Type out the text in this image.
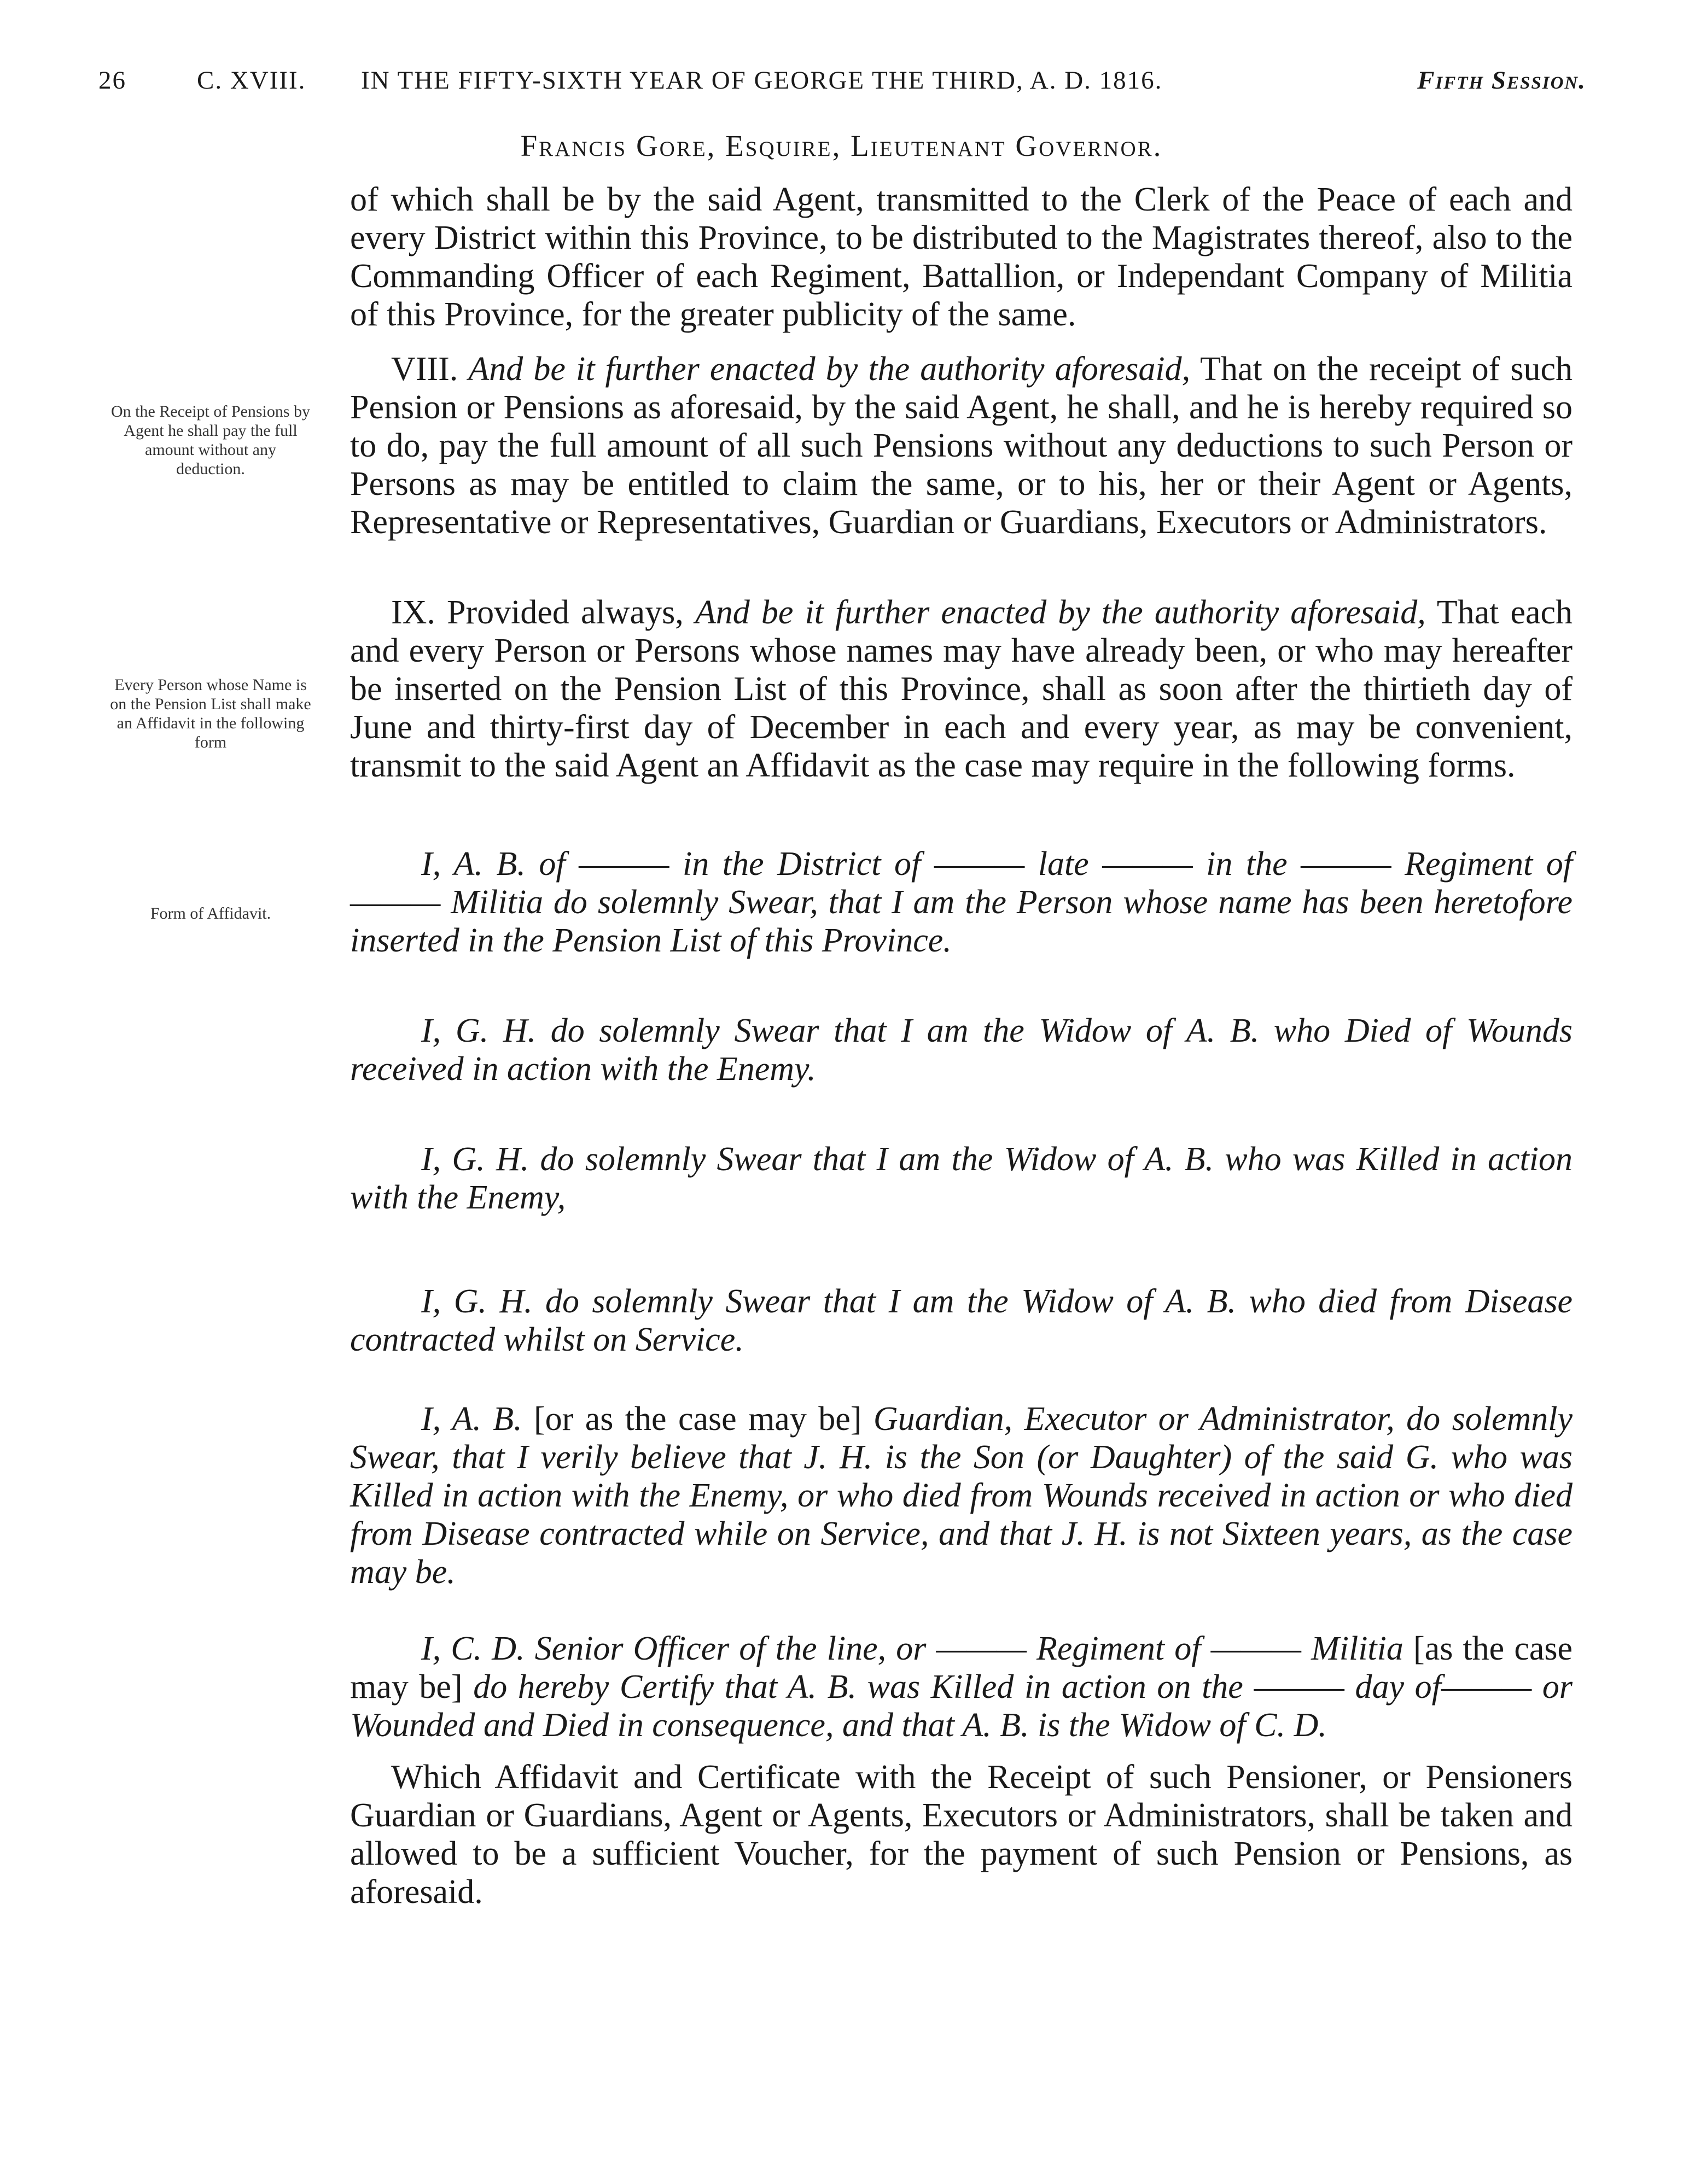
26	C. XVIII. IN THE FIFTY-SIXTH YEAR OF GEORGE THE THIRD, A. D. 1816.	Fifth Session.
Francis Gore, Esquire, Lieutenant Governor.

of which shall be by the said Agent, transmitted to the Clerk of the Peace of each and every District within this Province, to be distributed to the Magistrates thereof, also to the Commanding Officer of each Regiment, Battallion, or Independant Company of Militia of this Province, for the greater publicity of the same.

VIII. And be it further enacted by the authority aforesaid, That on the receipt of such Pension or Pensions as aforesaid, by the said Agent, he shall, and he is hereby required so to do, pay the full amount of all such Pensions without any deductions to such Person or Persons as may be entitled to claim the same, or to his, her or their Agent or Agents, Representative or Representatives, Guardian or Guardians, Executors or Administrators.

IX. Provided always, And be it further enacted by the authority aforesaid, That each and every Person or Persons whose names may have already been, or who may hereafter be inserted on the Pension List of this Province, shall as soon after the thirtieth day of June and thirty-first day of December in each and every year, as may be convenient, transmit to the said Agent an Affidavit as the case may require in the following forms.

I, A. B. of ——— in the District of ——— late ——— in the ——— Regiment of ——— Militia do solemnly Swear, that I am the Person whose name has been heretofore inserted in the Pension List of this Province.

I, G. H. do solemnly Swear that I am the Widow of A. B. who Died of Wounds received in action with the Enemy.

I, G. H. do solemnly Swear that I am the Widow of A. B. who was Killed in action with the Enemy,

I, G. H. do solemnly Swear that I am the Widow of A. B. who died from Disease contracted whilst on Service.

I, A. B. [or as the case may be] Guardian, Executor or Administrator, do solemnly Swear, that I verily believe that J. H. is the Son (or Daughter) of the said G. who was Killed in action with the Enemy, or who died from Wounds received in action or who died from Disease contracted while on Service, and that J. H. is not Sixteen years, as the case may be.

I, C. D. Senior Officer of the line, or ——— Regiment of ——— Militia [as the case may be] do hereby Certify that A. B. was Killed in action on the ——— day of——— or Wounded and Died in consequence, and that A. B. is the Widow of C. D.

Which Affidavit and Certificate with the Receipt of such Pensioner, or Pensioners Guardian or Guardians, Agent or Agents, Executors or Administrators, shall be taken and allowed to be a sufficient Voucher, for the payment of such Pension or Pensions, as aforesaid.

On the Receipt of Pensions by Agent he shall pay the full amount without any deduction.
Every Person whose Name is on the Pension List shall make an Affidavit in the following form
Form of Affidavit.
